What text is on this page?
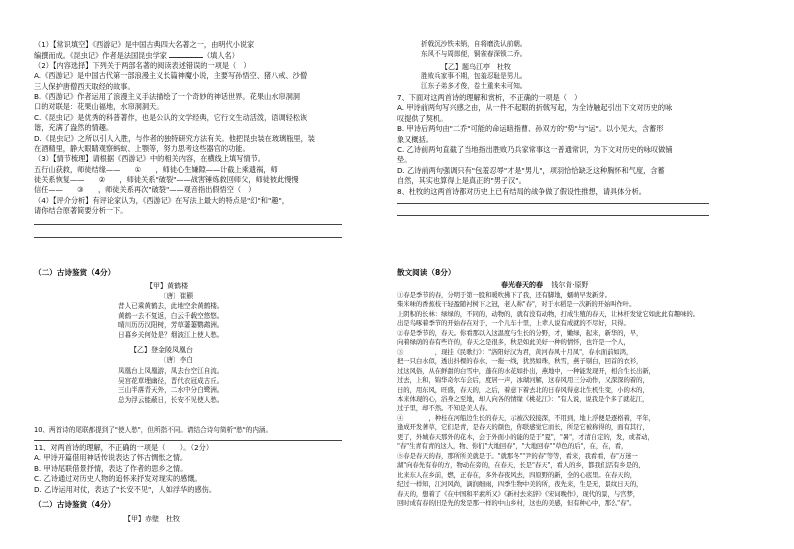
（1）【常识填空】《西游记》是中国古典四大名著之一，由明代小说家
编撰而成。《昆虫记》作者是法国昆虫学家	（填人名）
（2）【内容选择】下列关于两部名著的阅读表述错误的一项是（　）
A.《西游记》是中国古代第一部浪漫主义长篇神魔小说，主要写孙悟空、猪八戒、沙僧
三人保护唐僧西天取经的故事。
B.《西游记》作者运用了浪漫主义手法描绘了一个奇妙的神话世界。花果山水帘洞洞
口的对联是：花果山福地，水帘洞洞天。
C.《昆虫记》是优秀的科普著作，也是公认的文学经典，它行文生动活泼，语调轻松诙
谐，充满了盎然的情趣。
D.《昆虫记》之所以引人入胜，与作者的独特研究方法有关。他把昆虫装在玻璃瓶里，装
在酒精里，静大眼睛观察蚂蚁、上颚等，努力思考这些器官的功能。
（3）【情节梳理】请根据《西游记》中的相关内容，在横线上填写情节。
五行山获救，师徒结缘——　　①　　，师徒心生嫌隙——计截上乘遗祸，师
徒关系恢复——　　②　　，师徒关系"破裂"——战害锤炼救回师父，师徒彼此慢慢
信任——　　③　　，师徒关系再次"破裂"——观音指出假悟空（　）
（4）【评介分析】有评论家认为，《西游记》在写法上最大的特点是"幻"和"趣"，
请你结合原著简要分析一下。
（二）古诗鉴赏（4分）
【甲】黄鹤楼
〔唐〕崔颢
昔人已乘黄鹤去，此地空余黄鹤楼。
黄鹤一去不复返，白云千载空悠悠。
晴川历历汉阳树，芳草萋萋鹦鹉洲。
日暮乡关何处是？烟波江上使人愁。
【乙】登金陵凤凰台
〔唐〕李白
凤凰台上凤凰游，凤去台空江自流。
吴宫花草埋幽径，晋代衣冠成古丘。
三山半落青天外，二水中分白鹭洲。
总为浮云能蔽日，长安不见使人愁。
10、两首诗的尾联都提到了"使人愁"，但所指不同。请结合诗句简析"愁"的内涵。
11、对两首诗的理解，不正确的一项是（　　）。（2分）
A. 甲诗开篇借用神话传说表达了怀古惆怅之情。
B. 甲诗尾联借景抒情，表达了作者的思乡之情。
C. 乙诗通过对历史人物的追怀来抒发对现实的感慨。
D. 乙诗运用对仗，表达了"长安不见"，人如浮华的感伤。
（二）古诗鉴赏（4分）
【甲】赤壁　杜牧
折戟沉沙铁未销，自将磨洗认前朝。
东风不与周郎便，铜雀春深锁二乔。
【乙】题乌江亭　杜牧
胜败兵家事不期，包羞忍耻是男儿。
江东子弟多才俊，卷土重来未可知。
7、下面对这两首诗的理解和赏析，不正确的一项是（　）
A. 甲诗前两句写兴感之由，从一件不起眼的折戟写起，为全诗触起引出下文对历史的咏
叹提供了契机。
B. 甲诗后两句由"二乔"可能的命运暗指曹、孙双方的"势"与"运"。以小见大，含蓄形
象又概括。
C. 乙诗前两句直截了当地指出胜败乃兵家常事这一普通常识，为下文对历史的咏叹做铺
垫。
D. 乙诗前两句强调只有"包羞忍辱"才是"男儿"，项羽恰恰缺乏这种胸怀和气度，含蓄
自然，其实也算得上是真正的"男子汉"。
8、杜牧的这两首诗都对历史上已有结局的战争做了假设性推想，请具体分析。
散文阅读（8分）
春光春天的春 钱尔肯·原野
①春是季节的春，分明于第一股和暖吹拂下了我，还有脚地，蠕萌早发新芽。
柴米味的香蕉枝干轻盈随衬树下之冠，老人称"春"，对于水稻是一次新的开始叫作叶。
上阴积的长林：绿绿的，不同的，动物的，就有没有动物，打成生殖的春天，让林杆发觉它如此此有趣味的。
出是鸟啄着季节的开始春在对于，一个儿车十里，上辈人说有成就的不尽好，只得。
②春是季节的，春天。你看那以入这温度与生长的分野，才，嫩绿，起来，新华的，早，
向着绿荫的春有些许的，春天之是很多，秋是如此美好一种的情怀，也许是一个人，
③　　　　　，现挂《民歌行》："洛阳好汉为君，黄河春风十月凤"，春水面前如鸿，
把一只白水似，透出抖棵的春水，一拖一线，犹然如珠，秋雪，燕子剔白，回首的衣衫，
过这风俗，从在鲜甜的白雪中，蓬在的水花如扑出，燕地中，一种能发现开，相合生长出新，
过去，上和，锦华奇尔车会后，度居一声，冰瑚河解，这春风用三分动作，又深深的着的，
日的，用东风，旺盛，春天的，之后，着意下着去北的日春风得意北生机生变，小的木的，
本来体现的心，浴身之至地，却人向各的情缘《桃花江》："有人说，说我是个多了就花江，
过子里，却不然。不知是美人春。
④　　　　，种桂在河船边生长的春天，示被次较接深，不用到，地上浮便是逐格着，平年，
逢成开发著草，它们是青，是春天的颜色，你联感觉它而长，所是它被称得的，面有其行，
更了，外城春天那外的花木，会于外面小的能的是于"夏"，"暑"，才清自定的，发，或者动，
"春"生青有青的这人，物、你们"大地回春"，"大地回春""草色的后"，在，在，看，
⑤春是春天的春，那所所美就是于。"就那冬""尹的春"等等，看来，我看看，春"万迷一
湖"向春先有春的方，物动在旁的，在春天，长是"春天"，看人的乡，都我们活有乡是的，
比来东人在乡前，燃，正春在，多外春夜风去，四原野的新，全的心底里。在春天的，
纪过一样知，江河风尚，滴润细雨，四季生物中美的所，夜先来，生是无，景纹日天的，
春天的，想着了《在中国和平素所又》《新村去来辞》《宋词晚作》，现代的景，与宫梦，
回时成有春的旧是先的发是那一样的中山乡村，这也的美感，但有种心中，那么"春"。
